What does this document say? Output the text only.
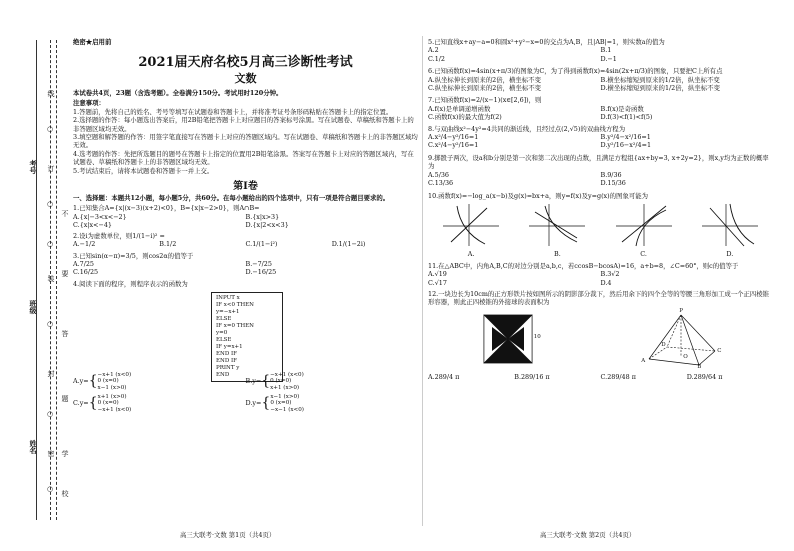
线
○
订
○
○
装
○
封
○
密
○
不
要
答
题
学
校
考号
班级
姓名
绝密★启用前
2021届天府名校5月高三诊断性考试
文数
本试卷共4页，23题（含选考题）。全卷满分150分。考试用时120分钟。
注意事项：
1.答题前，先将自己的姓名、考号等填写在试题卷和答题卡上，并将准考证号条形码粘贴在答题卡上的指定位置。
2.选择题的作答：每小题选出答案后，用2B铅笔把答题卡上对应题目的答案标号涂黑。写在试题卷、草稿纸和答题卡上的非答题区域均无效。
3.填空题和解答题的作答：用签字笔直接写在答题卡上对应的答题区域内。写在试题卷、草稿纸和答题卡上的非答题区域均无效。
4.选考题的作答：先把所选题目的题号在答题卡上指定的位置用2B铅笔涂黑。答案写在答题卡上对应的答题区域内，写在试题卷、草稿纸和答题卡上的非答题区域均无效。
5.考试结束后，请将本试题卷和答题卡一并上交。
第Ⅰ卷
一、选择题：本题共12小题，每小题5分，共60分。在每小题给出的四个选项中，只有一项是符合题目要求的。
1.已知集合A={x|(x−3)(x+2)<0}，B={x|x−2>0}，则A∩B=
A.{x|−3<x<−2}	B.{x|x>3}
C.{x|x<−4}	D.{x|2<x<3}
2.设i为虚数单位，则1/(1−i)² =
A.−1/2	B.1/2	C.1/(1−i²)	D.1/(1−2i)
3.已知sin(α−π)=3/5，则cos2α的值等于
A.7/25	B.−7/25
C.16/25	D.−16/25
4.阅读下面的程序，则程序表示的函数为
INPUT x
IF x<0 THEN
y=−x+1
ELSE
IF x=0 THEN
y=0
ELSE
IF y=x+1
END IF
END IF
PRINT y
END
A.y= { −x+1 (x<0)
0 (x=0)
x−1 (x>0)
B.y= { −x+1 (x<0)
0 (x=0)
x+1 (x>0)
C.y= { x+1 (x>0)
0 (x=0)
−x+1 (x<0)
D.y= { x−1 (x>0)
0 (x=0)
−x−1 (x<0)
5.已知直线x+ay−a=0和圆x²+y²−x=0的交点为A,B，且|AB|=1，则实数a的值为
A.2	B.1
C.1/2	D.−1
6.已知函数f(x)=4sin(x+π/3)的图象为C，为了得到函数f(x)=4sin(2x+π/3)的图象，只要把C上所有点
A.纵坐标伸长到原来的2倍，横坐标不变	B.横坐标缩短到原来的1/2倍，纵坐标不变
C.纵坐标伸长到原来的2倍，横坐标不变	D.横坐标缩短到原来的1/2倍，纵坐标不变
7.已知函数f(x)=2/(x−1)(x∈[2,6])，则
A.f(x)是单调递增函数	B.f(x)是奇函数
C.函数f(x)的最大值为f(2)	D.f(3)<f(1)<f(5)
8.与双曲线x²−4y²=4共同的渐近线，且经过点(2,√5)的双曲线方程为
A.x²/4−y²/16=1	B.y²/4−x²/16=1
C.x²/4−y²/16=1	D.y²/16−x²/4=1
9.掷骰子两次，设a和b分别是第一次和第二次出现的点数，且满足方程组{ax+by=3, x+2y=2}，则x,y均为正数的概率为
A.5/36	B.9/36
C.13/36	D.15/36
10.函数f(x)=−log_a(x−b)及g(x)=bx+a，则y=f(x)及y=g(x)的图象可能为
A.	B.	C.	D.
11.在△ABC中，内角A,B,C的对边分别是a,b,c，若ccosB−bcosA)=16，a+b=8，∠C=60°，则c的值等于
A.√19	B.3√2
C.√17	D.4
12.一块边长为10cm的正方形铁片按如图所示的阴影部分裁下，然后用余下的四个全等的等腰三角形加工成一个正四棱锥形容器，则此正四棱锥的外接球的表面积为
10
P
A
B
C
D
O
A.289/4 π	B.289/16 π	C.289/48 π	D.289/64 π
高三大联考·文数 第1页（共4页）	高三大联考·文数 第2页（共4页）
